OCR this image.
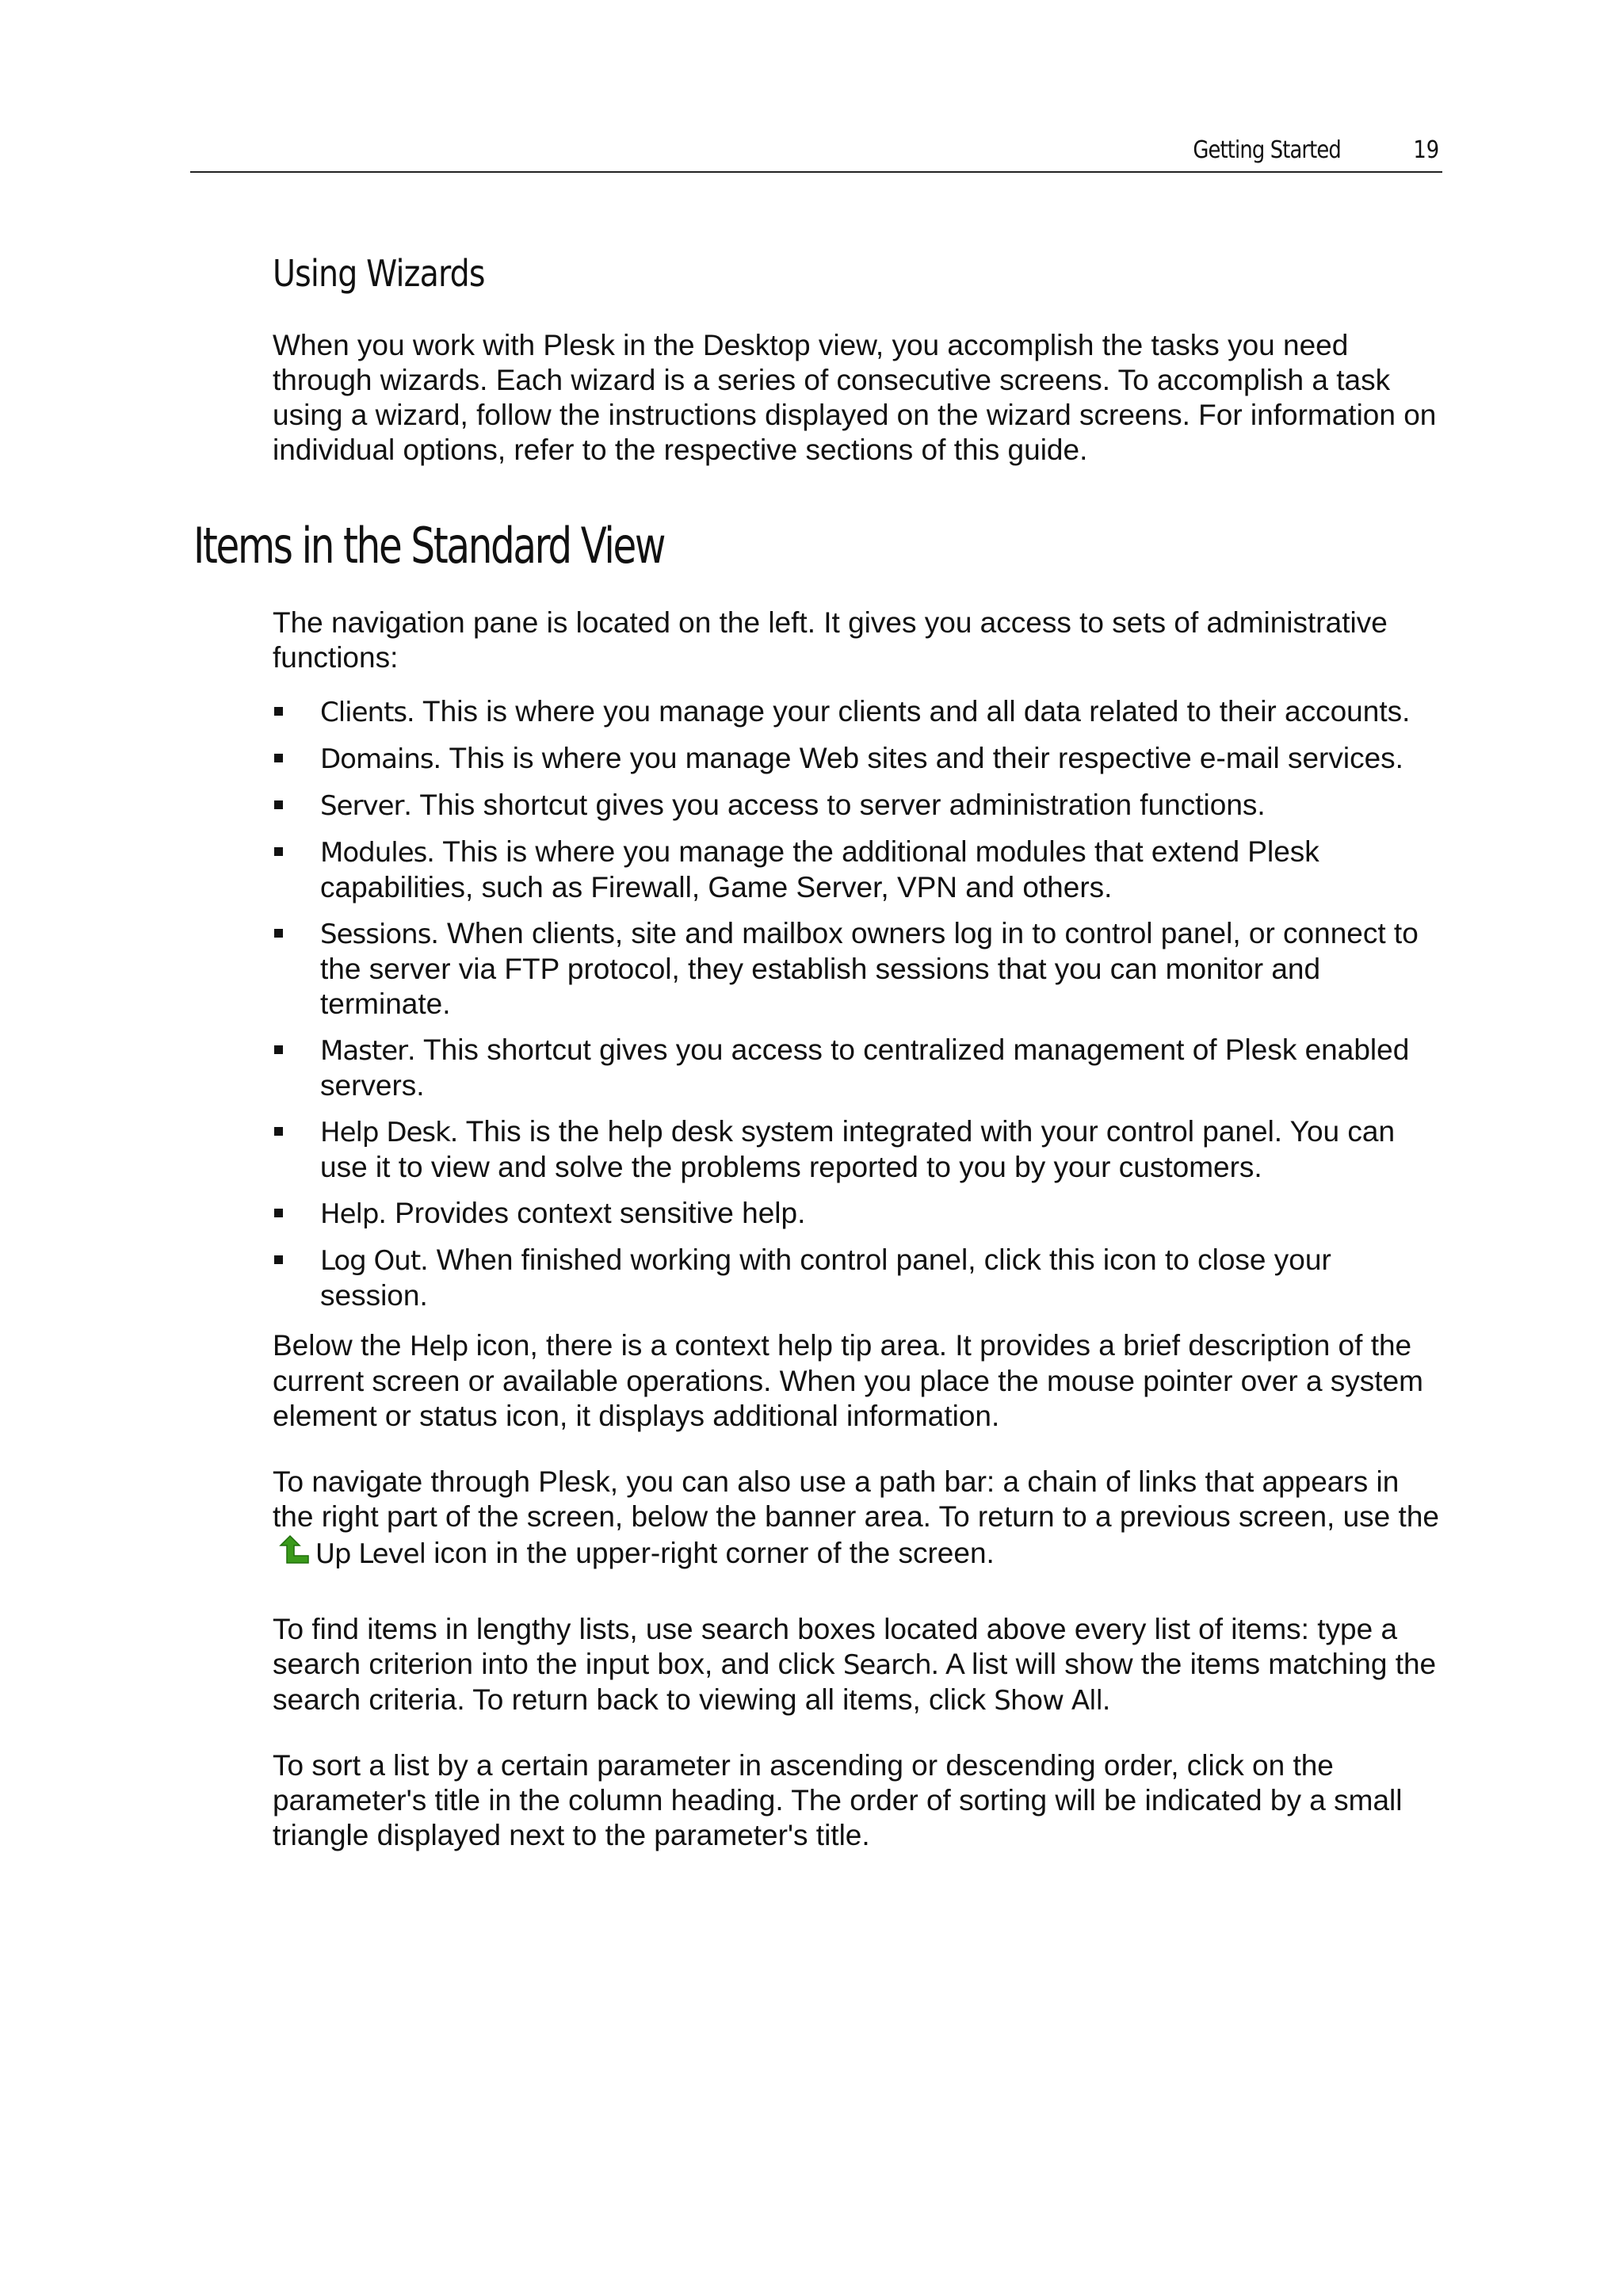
Getting Started	19
Using Wizards

When you work with Plesk in the Desktop view, you accomplish the tasks you need through wizards. Each wizard is a series of consecutive screens. To accomplish a task using a wizard, follow the instructions displayed on the wizard screens. For information on individual options, refer to the respective sections of this guide.

Items in the Standard View

The navigation pane is located on the left. It gives you access to sets of administrative functions:

Clients. This is where you manage your clients and all data related to their accounts.
Domains. This is where you manage Web sites and their respective e-mail services.
Server. This shortcut gives you access to server administration functions.
Modules. This is where you manage the additional modules that extend Plesk capabilities, such as Firewall, Game Server, VPN and others.
Sessions. When clients, site and mailbox owners log in to control panel, or connect to the server via FTP protocol, they establish sessions that you can monitor and terminate.
Master. This shortcut gives you access to centralized management of Plesk enabled servers.
Help Desk. This is the help desk system integrated with your control panel. You can use it to view and solve the problems reported to you by your customers.
Help. Provides context sensitive help.
Log Out. When finished working with control panel, click this icon to close your session.

Below the Help icon, there is a context help tip area. It provides a brief description of the current screen or available operations. When you place the mouse pointer over a system element or status icon, it displays additional information.

To navigate through Plesk, you can also use a path bar: a chain of links that appears in the right part of the screen, below the banner area. To return to a previous screen, use theUp Level icon in the upper-right corner of the screen.

To find items in lengthy lists, use search boxes located above every list of items: type a search criterion into the input box, and click Search. A list will show the items matching the search criteria. To return back to viewing all items, click Show All.

To sort a list by a certain parameter in ascending or descending order, click on the parameter's title in the column heading. The order of sorting will be indicated by a small triangle displayed next to the parameter's title.
